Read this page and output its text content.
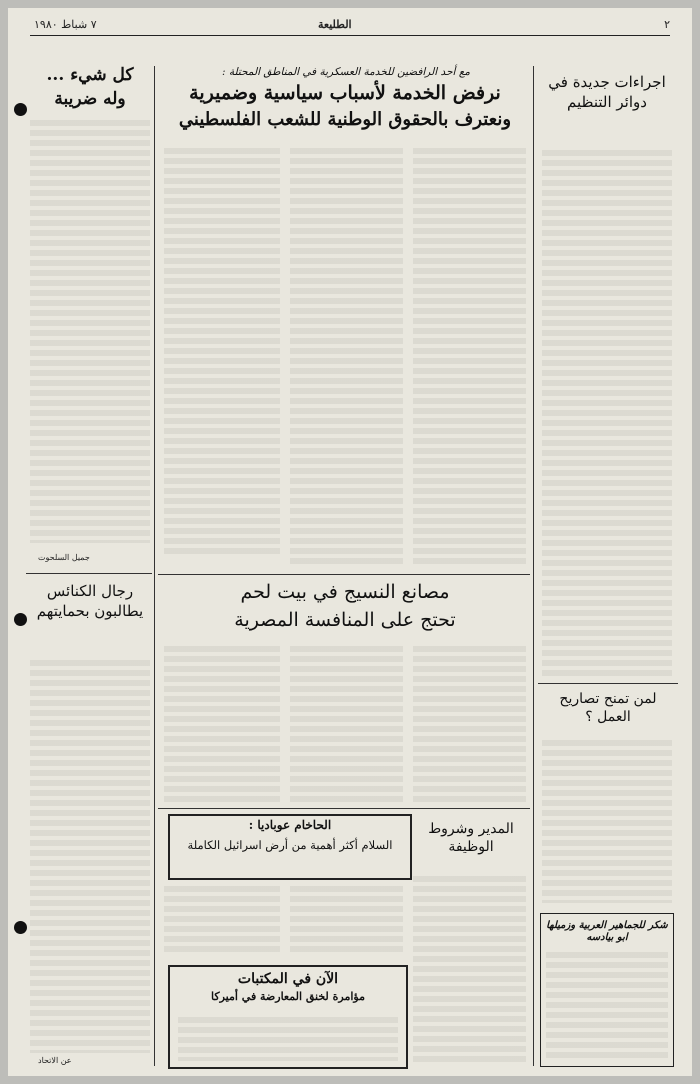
٢
الطليعة
٧ شباط ١٩٨٠
مع أحد الرافضين للخدمة العسكرية في المناطق المحتلة :
نرفض الخدمة لأسباب سياسية وضميرية
ونعترف بالحقوق الوطنية للشعب الفلسطيني
اجراءات جديدة في دوائر التنظيم
لمن تمنح تصاريح العمل ؟
شكر للجماهير العربية وزميلها ابو بيادسه
كل شيء ...
وله ضريبة
جميل السلحوت
رجال الكنائس يطالبون بحمايتهم
عن الاتحاد
مصانع النسيج في بيت لحم
تحتج على المنافسة المصرية
الحاخام عوباديا :
السلام أكثر أهمية من أرض اسرائيل الكاملة
المدير وشروط الوظيفة
الآن في المكتبات
مؤامرة لخنق المعارضة في أميركا
